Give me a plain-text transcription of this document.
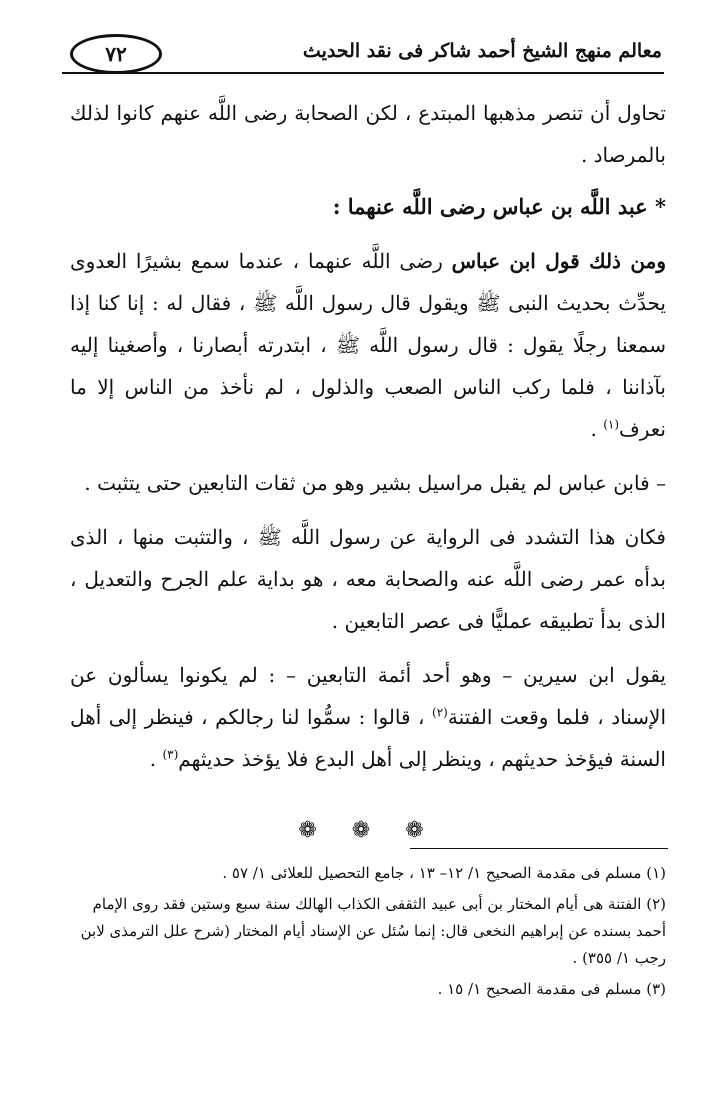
٧٢	معالم منهج الشيخ أحمد شاكر فى نقد الحديث

تحاول أن تنصر مذهبها المبتدع ، لكن الصحابة رضى اللَّه عنهم كانوا لذلك بالمرصاد .

* عبد اللَّه بن عباس رضى اللَّه عنهما :

ومن ذلك قول ابن عباس رضى اللَّه عنهما ، عندما سمع بشيرًا العدوى يحدِّث بحديث النبى ﷺ ويقول قال رسول اللَّه ﷺ ، فقال له : إنا كنا إذا سمعنا رجلًا يقول : قال رسول اللَّه ﷺ ، ابتدرته أبصارنا ، وأصغينا إليه بآذاننا ، فلما ركب الناس الصعب والذلول ، لم نأخذ من الناس إلا ما نعرف$^{(١)}$ .

– فابن عباس لم يقبل مراسيل بشير وهو من ثقات التابعين حتى يتثبت .

فكان هذا التشدد فى الرواية عن رسول اللَّه ﷺ ، والتثبت منها ، الذى بدأه عمر رضى اللَّه عنه والصحابة معه ، هو بداية علم الجرح والتعديل ، الذى بدأ تطبيقه عمليًّا فى عصر التابعين .

يقول ابن سيرين – وهو أحد أئمة التابعين – : لم يكونوا يسألون عن الإسناد ، فلما وقعت الفتنة$^{(٢)}$ ، قالوا : سمُّوا لنا رجالكم ، فينظر إلى أهل السنة فيؤخذ حديثهم ، وينظر إلى أهل البدع فلا يؤخذ حديثهم$^{(٣)}$ .

❁ ❁ ❁

(١) مسلم فى مقدمة الصحيح ١/ ١٢– ١٣ ، جامع التحصيل للعلائى ١/ ٥٧ .

(٢) الفتنة هى أيام المختار بن أبى عبيد الثقفى الكذاب الهالك سنة سبع وستين فقد روى الإمام أحمد بسنده عن إبراهيم النخعى قال: إنما سُئل عن الإسناد أيام المختار (شرح علل الترمذى لابن رجب ١/ ٣٥٥) .

(٣) مسلم فى مقدمة الصحيح ١/ ١٥ .
